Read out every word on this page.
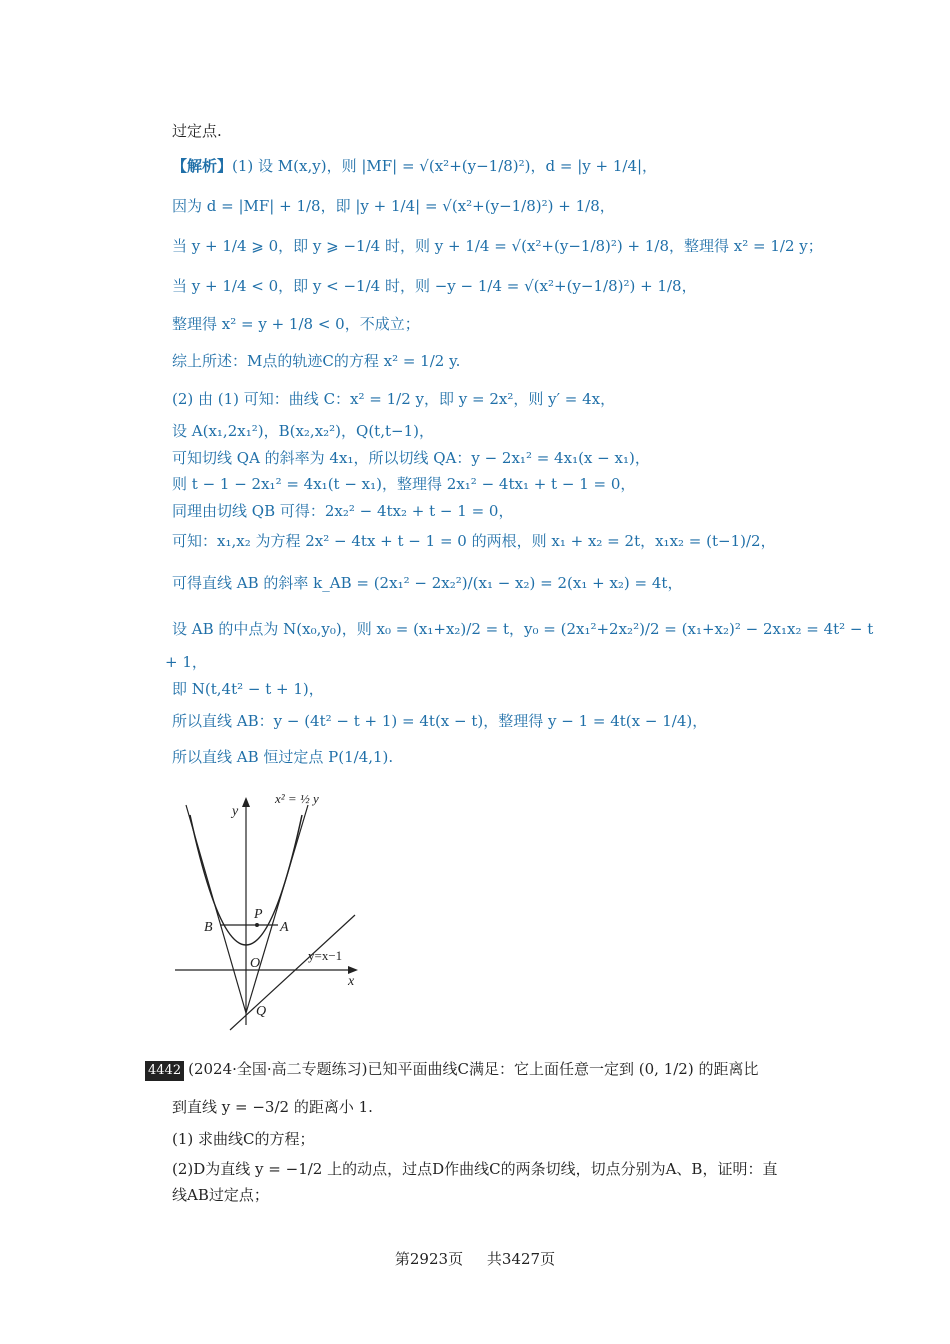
过定点.
【解析】(1) 设 M(x,y)，则 |MF| = √(x²+(y−1/8)²)，d = |y + 1/4|，
因为 d = |MF| + 1/8，即 |y + 1/4| = √(x²+(y−1/8)²) + 1/8，
当 y + 1/4 ⩾ 0，即 y ⩾ −1/4 时，则 y + 1/4 = √(x²+(y−1/8)²) + 1/8，整理得 x² = 1/2 y；
当 y + 1/4 < 0，即 y < −1/4 时，则 −y − 1/4 = √(x²+(y−1/8)²) + 1/8，
整理得 x² = y + 1/8 < 0，不成立；
综上所述：M点的轨迹C的方程 x² = 1/2 y.
(2) 由 (1) 可知：曲线 C：x² = 1/2 y，即 y = 2x²，则 y′ = 4x，
设 A(x₁,2x₁²)，B(x₂,x₂²)，Q(t,t−1)，
可知切线 QA 的斜率为 4x₁，所以切线 QA：y − 2x₁² = 4x₁(x − x₁)，
则 t − 1 − 2x₁² = 4x₁(t − x₁)，整理得 2x₁² − 4tx₁ + t − 1 = 0，
同理由切线 QB 可得：2x₂² − 4tx₂ + t − 1 = 0，
可知：x₁,x₂ 为方程 2x² − 4tx + t − 1 = 0 的两根，则 x₁ + x₂ = 2t，x₁x₂ = (t−1)/2，
可得直线 AB 的斜率 k_AB = (2x₁² − 2x₂²)/(x₁ − x₂) = 2(x₁ + x₂) = 4t，
设 AB 的中点为 N(x₀,y₀)，则 x₀ = (x₁+x₂)/2 = t，y₀ = (2x₁²+2x₂²)/2 = (x₁+x₂)² − 2x₁x₂ = 4t² − t
+ 1，
即 N(t,4t² − t + 1)，
所以直线 AB：y − (4t² − t + 1) = 4t(x − t)，整理得 y − 1 = 4t(x − 1/4)，
所以直线 AB 恒过定点 P(1/4,1).
y
x
x² = ½ y
y=x−1
B
P
A
O
Q
4442 (2024·全国·高二专题练习)已知平面曲线C满足：它上面任意一定到 (0, 1/2) 的距离比
到直线 y = −3/2 的距离小 1.
(1) 求曲线C的方程；
(2)D为直线 y = −1/2 上的动点，过点D作曲线C的两条切线，切点分别为A、B，证明：直
线AB过定点；
第2923页 共3427页
